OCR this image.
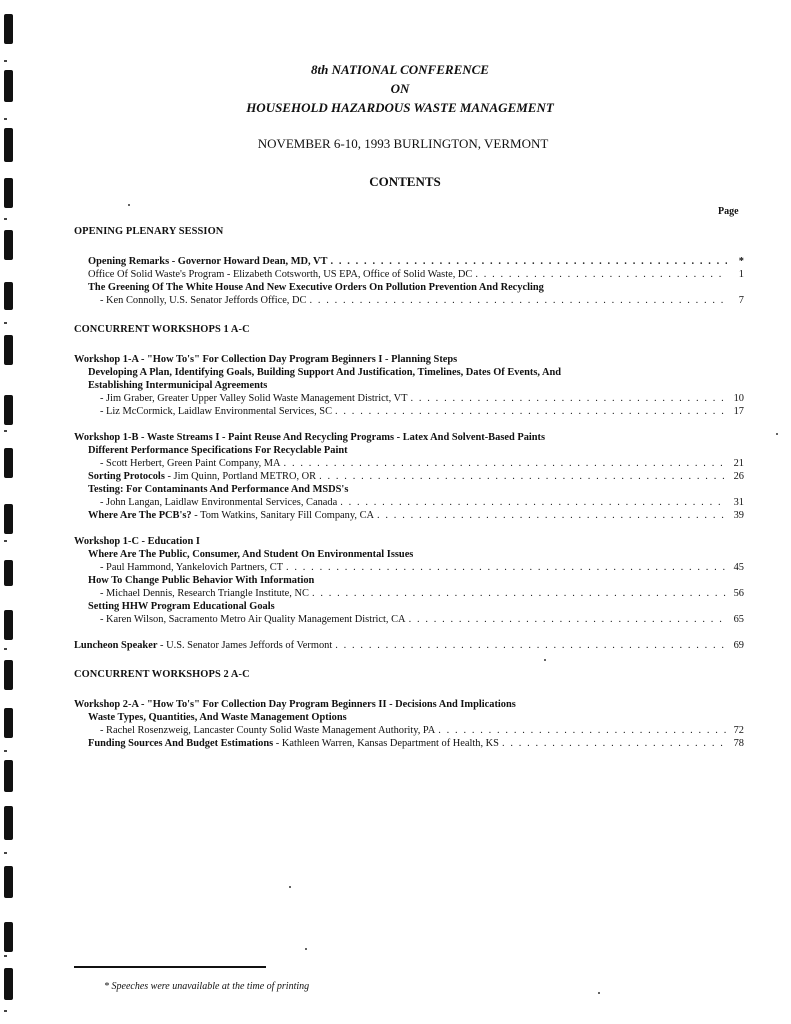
8th NATIONAL CONFERENCE
ON
HOUSEHOLD HAZARDOUS WASTE MANAGEMENT
NOVEMBER 6-10, 1993 BURLINGTON, VERMONT
CONTENTS
Page
OPENING PLENARY SESSION
Opening Remarks - Governor Howard Dean, MD, VT . . .	*
Office Of Solid Waste's Program - Elizabeth Cotsworth, US EPA, Office of Solid Waste, DC . . .	1
The Greening Of The White House And New Executive Orders On Pollution Prevention And Recycling
- Ken Connolly, U.S. Senator Jeffords Office, DC . . .	7
CONCURRENT WORKSHOPS 1 A-C
Workshop 1-A - "How To's" For Collection Day Program Beginners I - Planning Steps
Developing A Plan, Identifying Goals, Building Support And Justification, Timelines, Dates Of Events, And
Establishing Intermunicipal Agreements
- Jim Graber, Greater Upper Valley Solid Waste Management District, VT . . .	10
- Liz McCormick, Laidlaw Environmental Services, SC . . .	17
Workshop 1-B - Waste Streams I - Paint Reuse And Recycling Programs - Latex And Solvent-Based Paints
Different Performance Specifications For Recyclable Paint
- Scott Herbert, Green Paint Company, MA . . .	21
Sorting Protocols - Jim Quinn, Portland METRO, OR . . .	26
Testing: For Contaminants And Performance And MSDS's
- John Langan, Laidlaw Environmental Services, Canada . . .	31
Where Are The PCB's? - Tom Watkins, Sanitary Fill Company, CA . . .	39
Workshop 1-C - Education I
Where Are The Public, Consumer, And Student On Environmental Issues
- Paul Hammond, Yankelovich Partners, CT . . .	45
How To Change Public Behavior With Information
- Michael Dennis, Research Triangle Institute, NC . . .	56
Setting HHW Program Educational Goals
- Karen Wilson, Sacramento Metro Air Quality Management District, CA . . .	65
Luncheon Speaker - U.S. Senator James Jeffords of Vermont . . .	69
CONCURRENT WORKSHOPS 2 A-C
Workshop 2-A - "How To's" For Collection Day Program Beginners II - Decisions And Implications
Waste Types, Quantities, And Waste Management Options
- Rachel Rosenzweig, Lancaster County Solid Waste Management Authority, PA . . .	72
Funding Sources And Budget Estimations - Kathleen Warren, Kansas Department of Health, KS . . .	78
* Speeches were unavailable at the time of printing
